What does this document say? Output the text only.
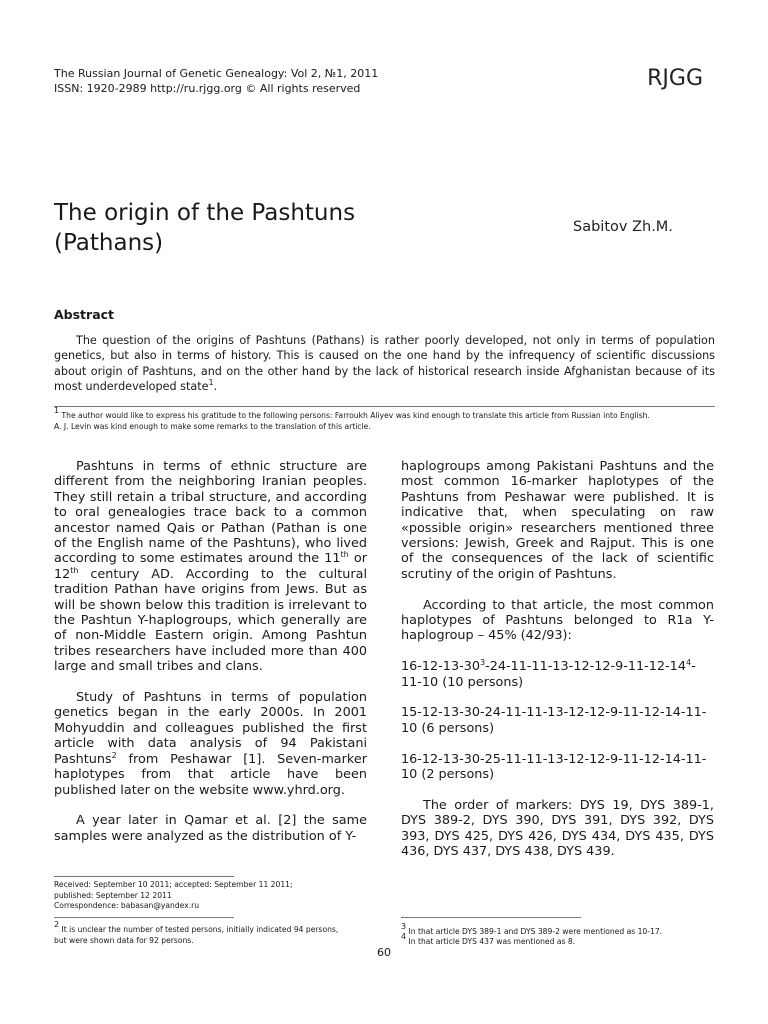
The Russian Journal of Genetic Genealogy: Vol 2, №1, 2011
ISSN: 1920-2989 http://ru.rjgg.org © All rights reserved	RJGG
The origin of the Pashtuns (Pathans)
Sabitov Zh.M.
Abstract
The question of the origins of Pashtuns (Pathans) is rather poorly developed, not only in terms of population genetics, but also in terms of history. This is caused on the one hand by the infrequency of scientific discussions about origin of Pashtuns, and on the other hand by the lack of historical research inside Afghanistan because of its most underdeveloped state$^1$.
$^1$ The author would like to express his gratitude to the following persons: Farroukh Aliyev was kind enough to translate this article from Russian into English.
A. J. Levin was kind enough to make some remarks to the translation of this article.

Pashtuns in terms of ethnic structure are different from the neighboring Iranian peoples. They still retain a tribal structure, and according to oral genealogies trace back to a common ancestor named Qais or Pathan (Pathan is one of the English name of the Pashtuns), who lived according to some estimates around the 11th or 12th century AD. According to the cultural tradition Pathan have origins from Jews. But as will be shown below this tradition is irrelevant to the Pashtun Y-haplogroups, which generally are of non-Middle Eastern origin. Among Pashtun tribes researchers have included more than 400 large and small tribes and clans.

Study of Pashtuns in terms of population genetics began in the early 2000s. In 2001 Mohyuddin and colleagues published the first article with data analysis of 94 Pakistani Pashtuns$^2$ from Peshawar [1]. Seven-marker haplotypes from that article have been published later on the website www.yhrd.org.

A year later in Qamar et al. [2] the same samples were analyzed as the distribution of Y-

haplogroups among Pakistani Pashtuns and the most common 16-marker haplotypes of the Pashtuns from Peshawar were published. It is indicative that, when speculating on raw «possible origin» researchers mentioned three versions: Jewish, Greek and Rajput. This is one of the consequences of the lack of scientific scrutiny of the origin of Pashtuns.

According to that article, the most common haplotypes of Pashtuns belonged to R1a Y-haplogroup – 45% (42/93):

$16-12-13-30^3-24-11-11-13-12-12-9-11-12-14^4-11-10$ (10 persons)

15-12-13-30-24-11-11-13-12-12-9-11-12-14-11-10 (6 persons)

16-12-13-30-25-11-11-13-12-12-9-11-12-14-11-10 (2 persons)

The order of markers: DYS 19, DYS 389-1, DYS 389-2, DYS 390, DYS 391, DYS 392, DYS 393, DYS 425, DYS 426, DYS 434, DYS 435, DYS 436, DYS 437, DYS 438, DYS 439.

Received: September 10 2011; accepted: September 11 2011;
published: September 12 2011
Correspondence: babasan@yandex.ru
$^2$ It is unclear the number of tested persons, initially indicated 94 persons,
but were shown data for 92 persons.
$^3$ In that article DYS 389-1 and DYS 389-2 were mentioned as 10-17.
$^4$ In that article DYS 437 was mentioned as 8.
60
